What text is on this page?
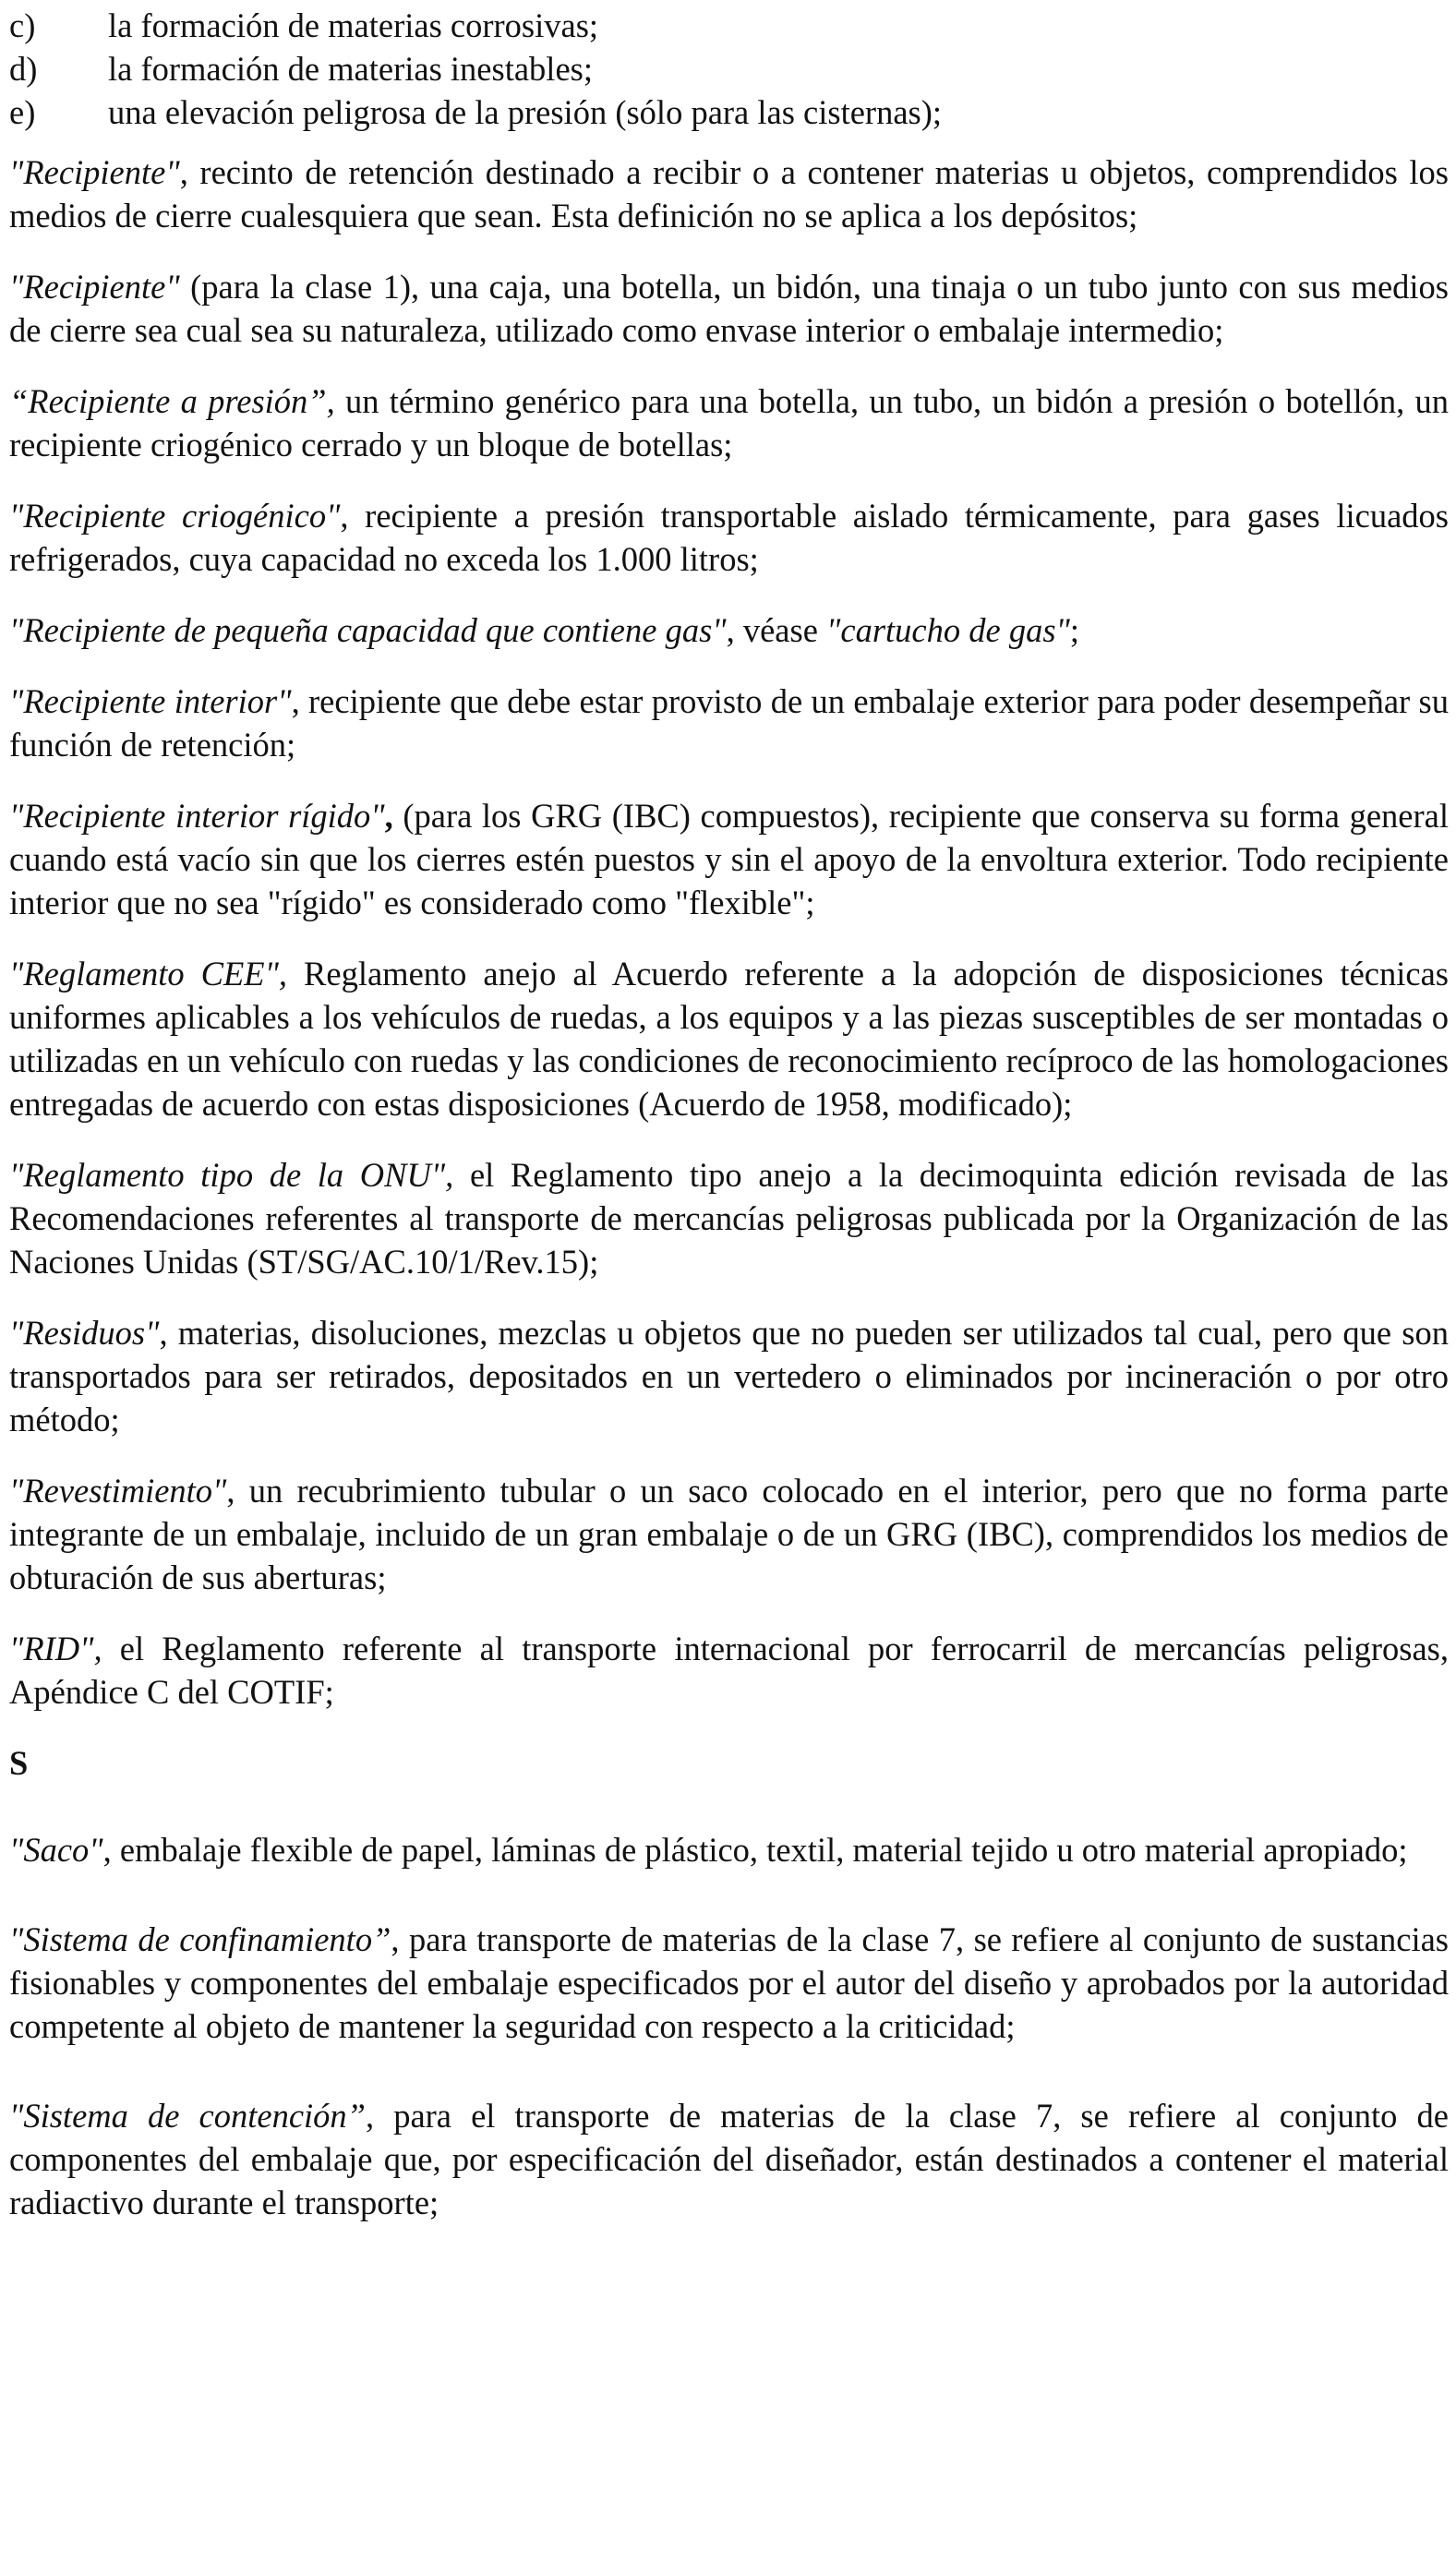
c)	la formación de materias corrosivas;
d)	la formación de materias inestables;
e)	una elevación peligrosa de la presión (sólo para las cisternas);

"Recipiente", recinto de retención destinado a recibir o a contener materias u objetos, comprendidos los medios de cierre cualesquiera que sean. Esta definición no se aplica a los depósitos;

"Recipiente" (para la clase 1), una caja, una botella, un bidón, una tinaja o un tubo junto con sus medios de cierre sea cual sea su naturaleza, utilizado como envase interior o embalaje intermedio;

“Recipiente a presión”, un término genérico para una botella, un tubo, un bidón a presión o botellón, un recipiente criogénico cerrado y un bloque de botellas;

"Recipiente criogénico", recipiente a presión transportable aislado térmicamente, para gases licuados refrigerados, cuya capacidad no exceda los 1.000 litros;

"Recipiente de pequeña capacidad que contiene gas", véase "cartucho de gas";

"Recipiente interior", recipiente que debe estar provisto de un embalaje exterior para poder desempeñar su función de retención;

"Recipiente interior rígido", (para los GRG (IBC) compuestos), recipiente que conserva su forma general cuando está vacío sin que los cierres estén puestos y sin el apoyo de la envoltura exterior. Todo recipiente interior que no sea "rígido" es considerado como "flexible";

"Reglamento CEE", Reglamento anejo al Acuerdo referente a la adopción de disposiciones técnicas uniformes aplicables a los vehículos de ruedas, a los equipos y a las piezas susceptibles de ser montadas o utilizadas en un vehículo con ruedas y las condiciones de reconocimiento recíproco de las homologaciones entregadas de acuerdo con estas disposiciones (Acuerdo de 1958, modificado);

"Reglamento tipo de la ONU", el Reglamento tipo anejo a la decimoquinta edición revisada de las Recomendaciones referentes al transporte de mercancías peligrosas publicada por la Organización de las Naciones Unidas (ST/SG/AC.10/1/Rev.15);

"Residuos", materias, disoluciones, mezclas u objetos que no pueden ser utilizados tal cual, pero que son transportados para ser retirados, depositados en un vertedero o eliminados por incineración o por otro método;

"Revestimiento", un recubrimiento tubular o un saco colocado en el interior, pero que no forma parte integrante de un embalaje, incluido de un gran embalaje o de un GRG (IBC), comprendidos los medios de obturación de sus aberturas;

"RID", el Reglamento referente al transporte internacional por ferrocarril de mercancías peligrosas, Apéndice C del COTIF;

S

"Saco", embalaje flexible de papel, láminas de plástico, textil, material tejido u otro material apropiado;

"Sistema de confinamiento”, para transporte de materias de la clase 7, se refiere al conjunto de sustancias fisionables y componentes del embalaje especificados por el autor del diseño y aprobados por la autoridad competente al objeto de mantener la seguridad con respecto a la criticidad;

"Sistema de contención”, para el transporte de materias de la clase 7, se refiere al conjunto de componentes del embalaje que, por especificación del diseñador, están destinados a contener el material radiactivo durante el transporte;
